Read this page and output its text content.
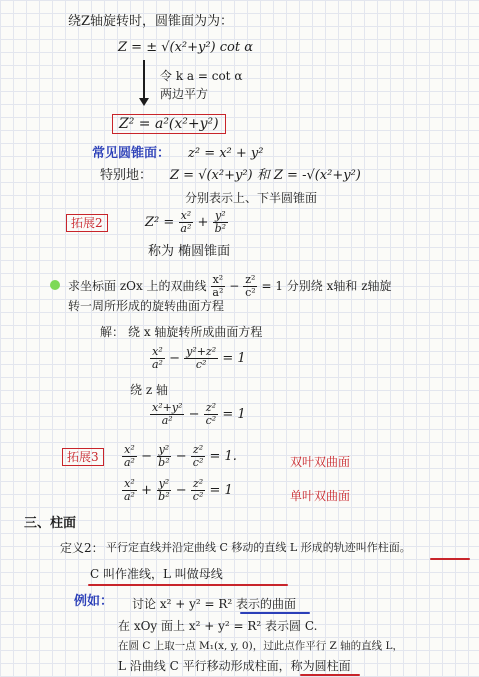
绕Z轴旋转时，圆锥面为为：
Z = ± √(x²+y²) cot α
令 k a = cot α
两边平方
Z² = a²(x²+y²)
常见圆锥面： z² = x² + y²
特别地： Z = √(x²+y²) 和 Z = -√(x²+y²)
分别表示上、下半圆锥面
拓展2	$Z^2 = \frac{\text{x²}}{\text{a²}} + \frac{\text{y²}}{\text{b²}}$
称为 椭圆锥面
求坐标面 zOx 上的双曲线 $\frac{\text{x²}}{\text{a²}} - \frac{\text{z²}}{\text{c²}} = 1$ 分别绕 x轴和 z轴旋
转一周所形成的旋转曲面方程
解： 绕 x 轴旋转所成曲面方程
$\frac{\text{x²}}{\text{a²}} - \frac{\text{y²+z²}}{\text{c²}} = 1$
绕 z 轴
$\frac{\text{x²+y²}}{\text{a²}} - \frac{\text{z²}}{\text{c²}} = 1$
拓展3	$\frac{\text{x²}}{\text{a²}} - \frac{\text{y²}}{\text{b²}} - \frac{\text{z²}}{\text{c²}} = 1$.	双叶双曲面
$\frac{\text{x²}}{\text{a²}} + \frac{\text{y²}}{\text{b²}} - \frac{\text{z²}}{\text{c²}} = 1$	单叶双曲面
三、柱面
定义2： 平行定直线并沿定曲线 C 移动的直线 L 形成的轨迹叫作柱面。
C 叫作准线，L 叫做母线
例如： 讨论 x² + y² = R² 表示的曲面
在 xOy 面上 x² + y² = R² 表示圆 C.
在圆 C 上取一点 M₁(x, y, 0)，过此点作平行 Z 轴的直线 L，
L 沿曲线 C 平行移动形成柱面，称为圆柱面
